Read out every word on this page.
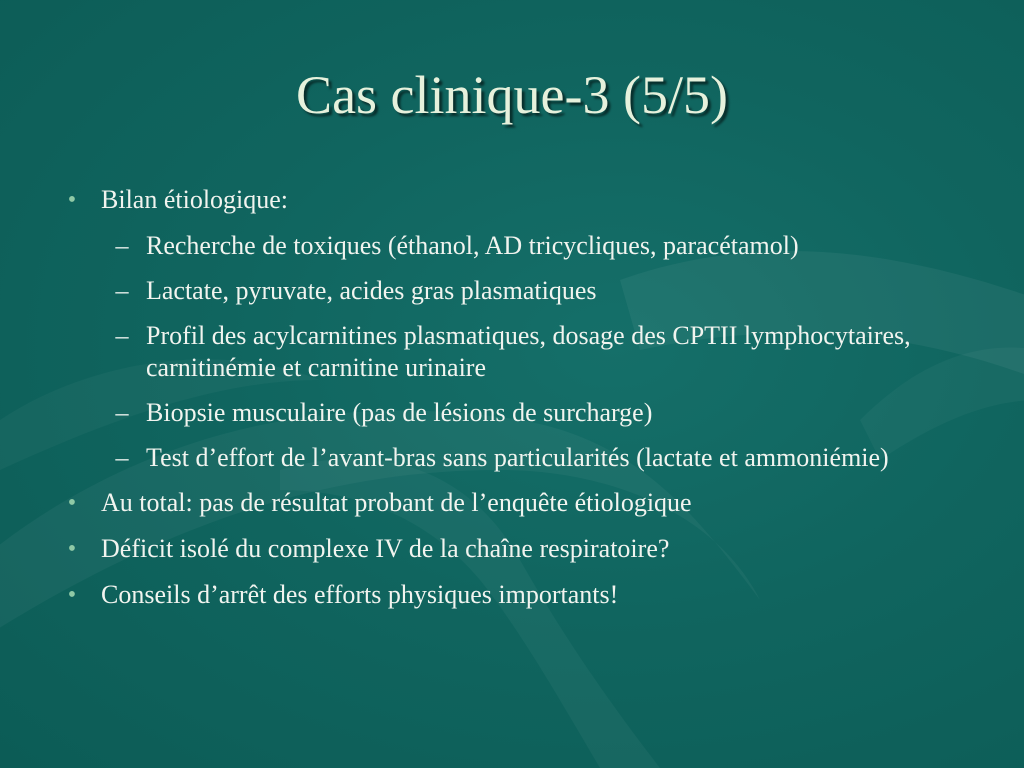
Cas clinique-3 (5/5)
• Bilan étiologique:
– Recherche de toxiques (éthanol, AD tricycliques, paracétamol)
– Lactate, pyruvate, acides gras plasmatiques
– Profil des acylcarnitines plasmatiques, dosage des CPTII lymphocytaires, carnitinémie et carnitine urinaire
– Biopsie musculaire (pas de lésions de surcharge)
– Test d’effort de l’avant-bras sans particularités (lactate et ammoniémie)
• Au total: pas de résultat probant de l’enquête étiologique
• Déficit isolé du complexe IV de la chaîne respiratoire?
• Conseils d’arrêt des efforts physiques importants!
